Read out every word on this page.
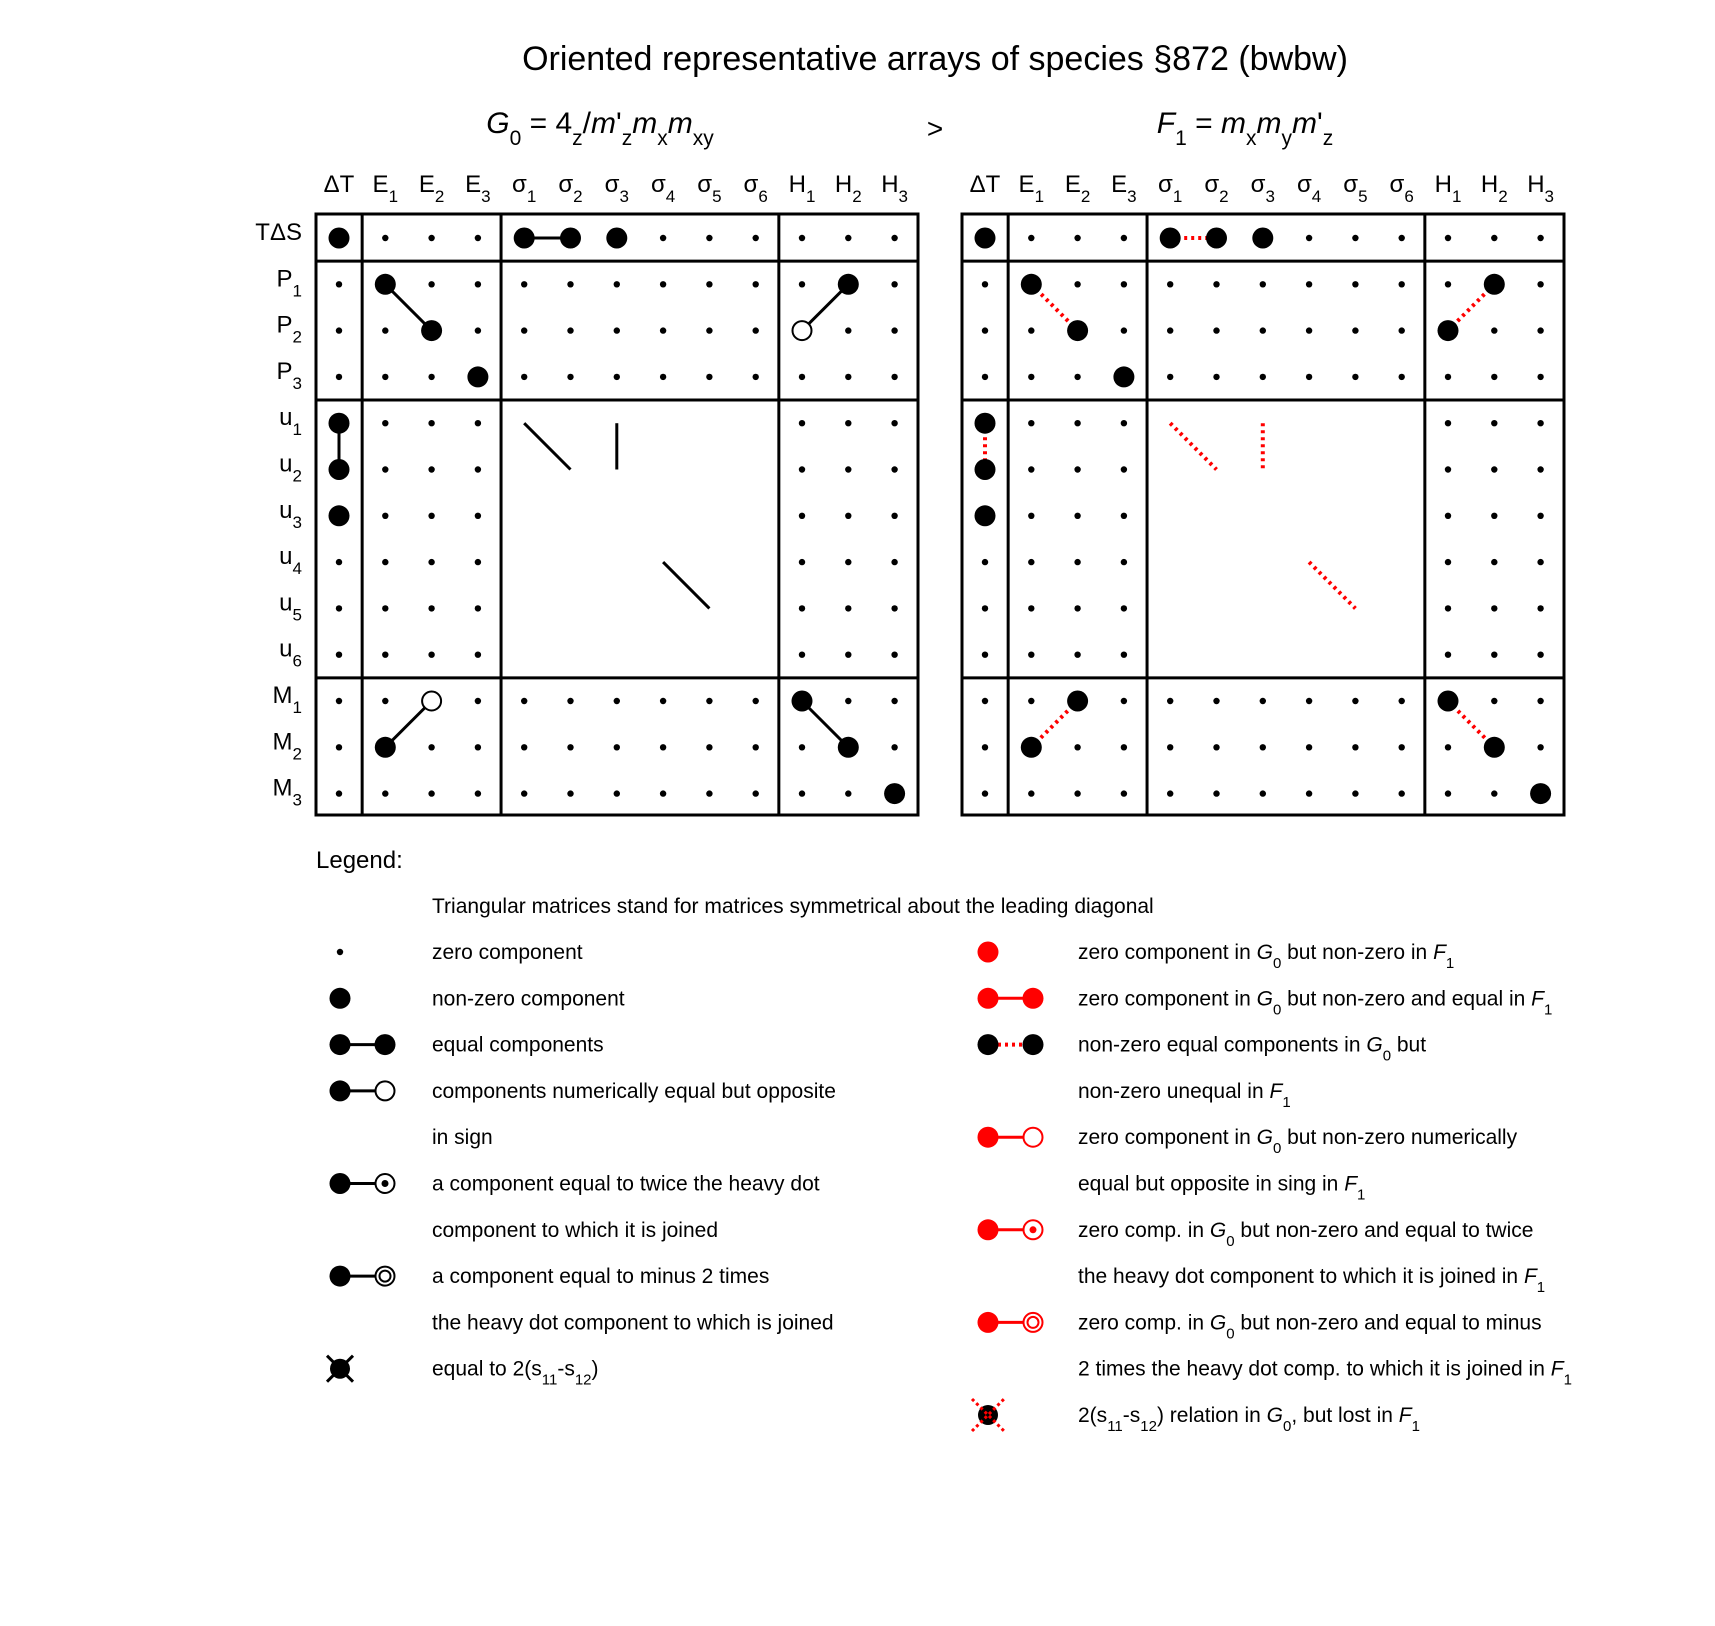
Oriented representative arrays of species §872 (bwbw)
>
$G_0 = 4_z/m'_zm_xm_{xy}$	$F_1 = m_xm_ym'_z$
TΔS
$P_1$
$P_2$
$P_3$
$u_1$
$u_2$
$u_3$
$u_4$
$u_5$
$u_6$
$M_1$
$M_2$
$M_3$
ΔT $E_1$ $E_2$ $E_3$ $\sigma_1$ $\sigma_2$ $\sigma_3$ $\sigma_4$ $\sigma_5$ $\sigma_6$ $H_1$ $H_2$ $H_3$	ΔT $E_1$ $E_2$ $E_3$ $\sigma_1$ $\sigma_2$ $\sigma_3$ $\sigma_4$ $\sigma_5$ $\sigma_6$ $H_1$ $H_2$ $H_3$
Legend:
Triangular matrices stand for matrices symmetrical about the leading diagonal
zero component
non-zero component
equal components
components numerically equal but opposite
in sign
a component equal to twice the heavy dot
component to which it is joined
a component equal to minus 2 times
the heavy dot component to which is joined
equal to $2(s_{11}-s_{12})$
zero component in $G_0$ but non-zero in $F_1$
zero component in $G_0$ but non-zero and equal in $F_1$
non-zero equal components in $G_0$ but
non-zero unequal in $F_1$
zero component in $G_0$ but non-zero numerically
equal but opposite in sing in $F_1$
zero comp. in $G_0$ but non-zero and equal to twice
the heavy dot component to which it is joined in $F_1$
zero comp. in $G_0$ but non-zero and equal to minus
2 times the heavy dot comp. to which it is joined in $F_1$
$2(s_{11}-s_{12})$ relation in $G_0$, but lost in $F_1$
